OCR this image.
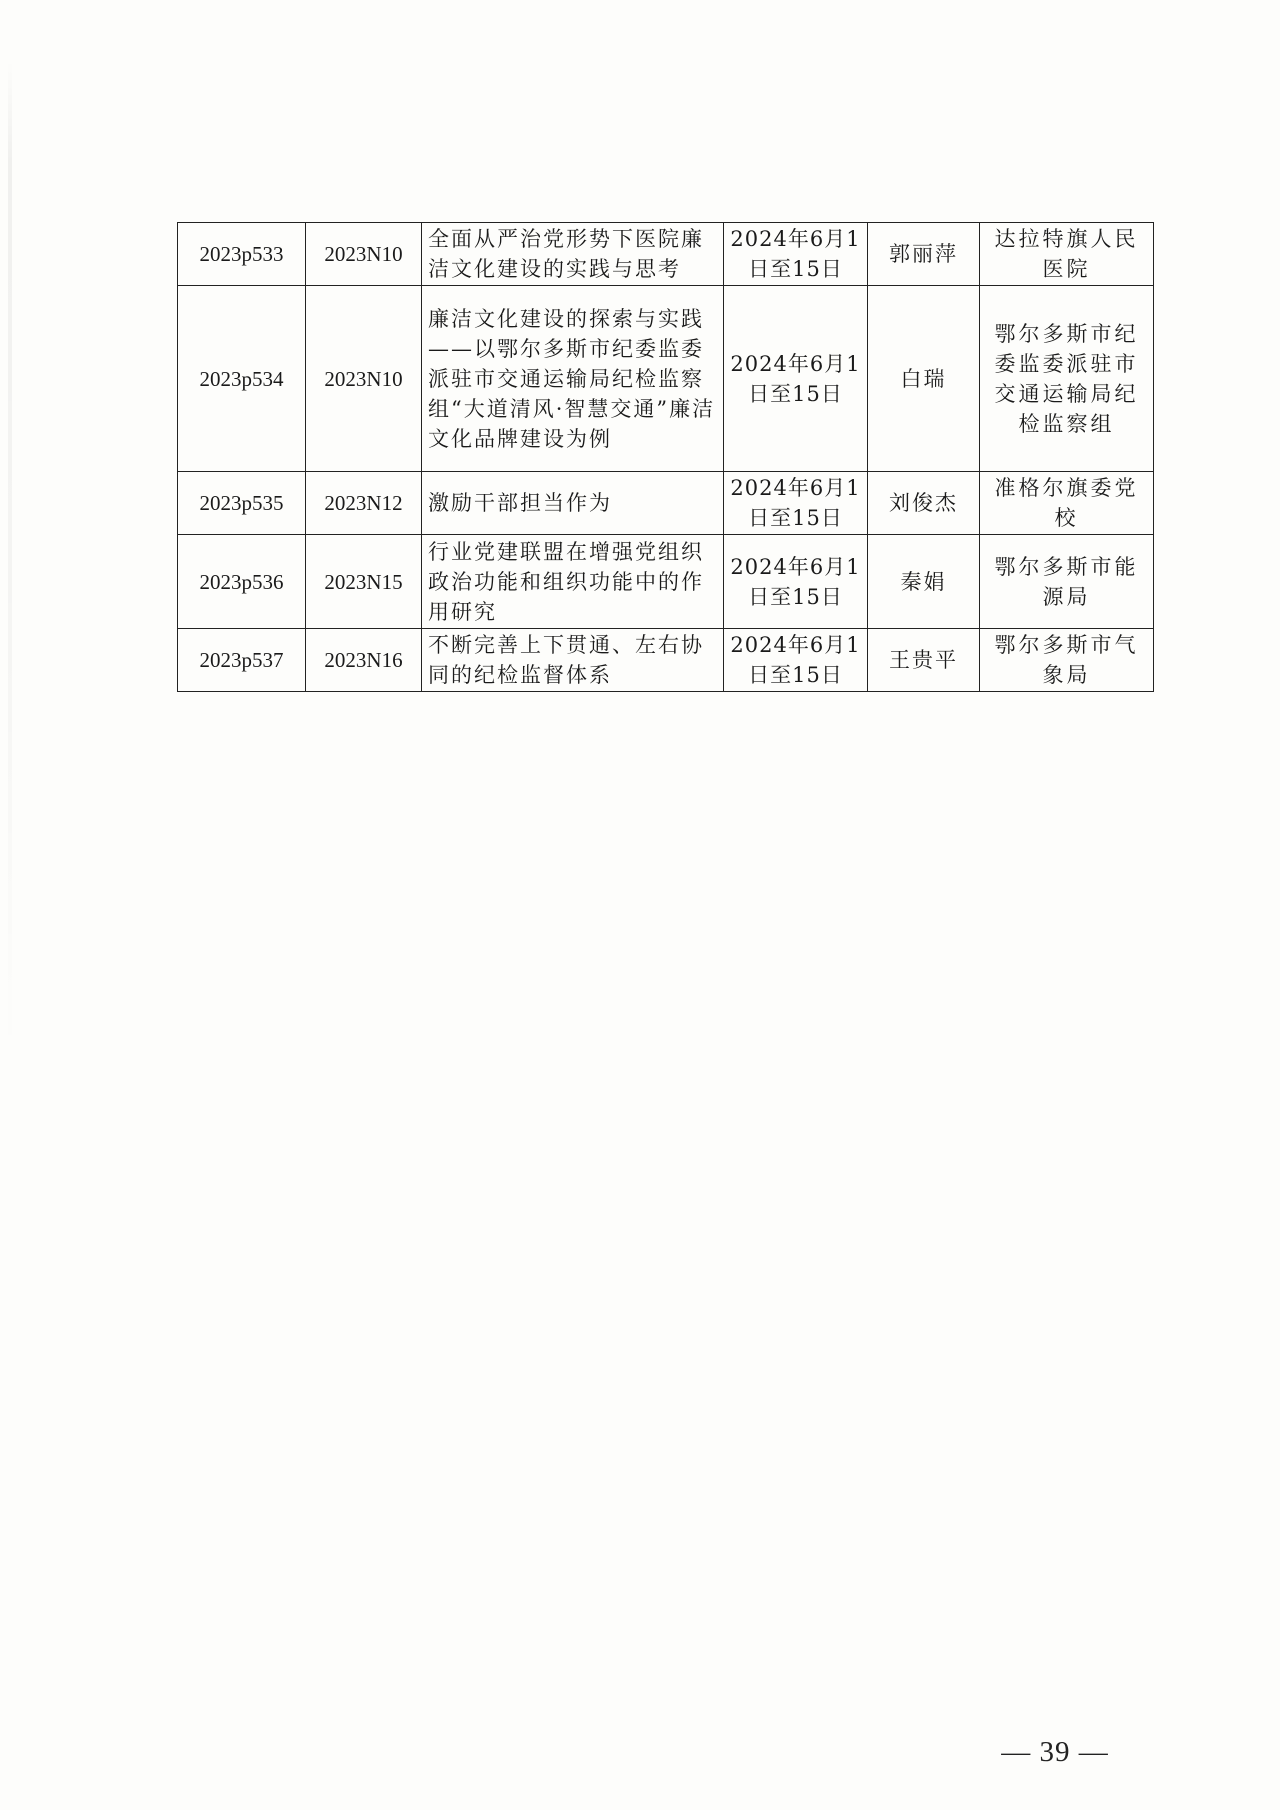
2023p533	2023N10	全面从严治党形势下医院廉洁文化建设的实践与思考	2024年6月1日至15日	郭丽萍	达拉特旗人民医院
2023p534	2023N10	廉洁文化建设的探索与实践——以鄂尔多斯市纪委监委派驻市交通运输局纪检监察组“大道清风·智慧交通”廉洁文化品牌建设为例	2024年6月1日至15日	白瑞	鄂尔多斯市纪委监委派驻市交通运输局纪检监察组
2023p535	2023N12	激励干部担当作为	2024年6月1日至15日	刘俊杰	准格尔旗委党校
2023p536	2023N15	行业党建联盟在增强党组织政治功能和组织功能中的作用研究	2024年6月1日至15日	秦娟	鄂尔多斯市能源局
2023p537	2023N16	不断完善上下贯通、左右协同的纪检监督体系	2024年6月1日至15日	王贵平	鄂尔多斯市气象局
— 39 —
